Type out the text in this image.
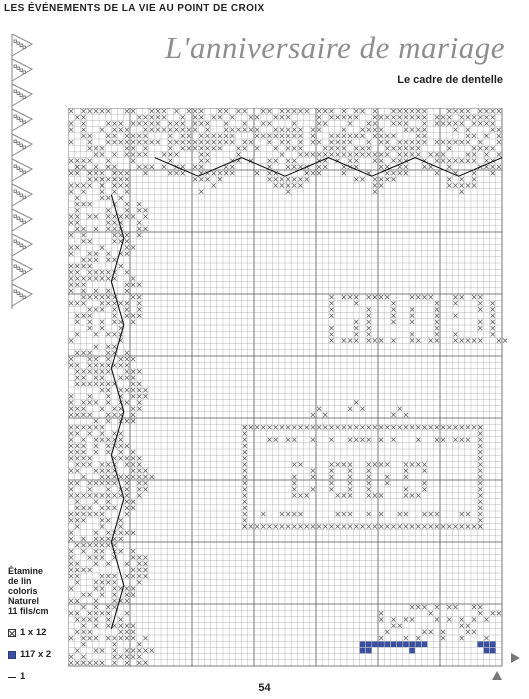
LES ÉVÉNEMENTS DE LA VIE AU POINT DE CROIX
L'anniversaire de mariage
Le cadre de dentelle
Étamine
de lin
coloris
Naturel
11 fils/cm
1 x 12
117 x 2
1
54
